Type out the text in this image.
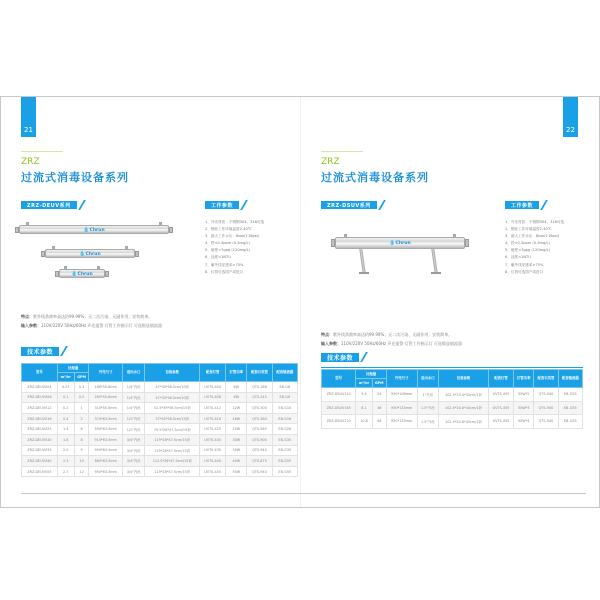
21
ZRZ
过流式消毒设备系列
ZRZ-DEUV系列	工作参数
💧Chrun
💧Chrun
💧Chrun
1、外壳材质：不锈钢304、316可选
2、钢丝工作环境温度2-40℃
3、最大工作水压：8bar(116psi)
4、铁<0.3ppm (0.3mg/L)
5、硬度<7gpg (120mg/L)
6、浊度<1NTU
7、紫外线穿透率>75%
8、灯管可选国产或进口

特点：紫外线杀菌率高达约99.99%；无二次污染、无副作用；安装简单。

输入参数：110V/220V 50Hz/60Hz 声光报警 灯管工作指示灯 可选数显镇流器

技术参数
型号	处理量		外壳尺寸	进出水口	包装参数	配套灯管	灯管功率	配套石英管	配套镇流器
	m³/hr	GPM							
ZRZ-DEUV004	0.07	0.3	186*50.8mm	1/4"内丝	47*30*58.5cm/10套	UVTS-404	6W	QTS-186	EB-G6
ZRZ-DEUV006	0.1	0.5	265*50.8mm	1/4"内丝	47*30*58.5cm/10套	UVTS-406	6W	QTS-245	EB-G6
ZRZ-DEUV012	0.2	1	310*50.8mm	1/4"内丝	52.5*39*58.5cm/15套	UVTS-412	12W	QTS-300	EB-G10
ZRZ-DEUV016	0.4	2	370*63.5mm	1/2"内丝	57*40*58.5cm/15套	UVTS-416	16W	QTS-360	EB-G16
ZRZ-DEUV025	1.4	6	590*63.5mm	1/2"内丝	79.5*28*47.5cm/15套	UVTS-425	25W	QTS-560	EB-G26
ZRZ-DEUV030	1.8	8	910*63.5mm	3/4"内丝	119*28*47.5cm/15套	UVTS-430	30W	QTS-900	EB-G35
ZRZ-DEUV035	2.0	9	950*63.5mm	3/4"内丝	119*28*47.5cm/15套	UVTS-435	35W	QTS-940	EB-G35
ZRZ-DEUV040	2.3	10	885*63.5mm	3/4"内丝	112.5*28*47.5cm/15套	UVTS-440	40W	QTS-875	EB-G55
ZRZ-DEUV055	2.7	12	950*63.5mm	3/4"内丝	119*28*47.5cm/15套	UVTS-455	55W	QTS-940	EB-G55
22
ZRZ
过流式消毒设备系列
ZRZ-DSUV系列	工作参数
💧Chrun
1、外壳材质：不锈钢304、316可选
2、钢丝工作环境温度2-40℃
3、最大工作水压：8bar(116psi)
4、铁<0.3ppm (0.3mg/L)
5、硬度<7gpg (120mg/L)
6、浊度<1NTU
7、紫外线穿透率>75%
8、灯管可选国产或进口

特点：紫外线杀菌率高达约99.99%；无二次污染、无副作用；安装简单。

输入参数：110V/220V 50Hz/60Hz 声光报警 灯管工作指示灯 可选数显镇流器

技术参数
型号	处理量		外壳尺寸	进出水口	包装参数	配套灯管	灯管功率	配套石英管	配套镇流器
	m³/hr	GPM							
ZRZ-DSUV110	5.4	24	950*108mm	1"外丝	102.5*23.4*43cm/1套	UVTS-455	55W*2	QTS-940	EB-G55
ZRZ-DSUV165	8.1	36	950*133mm	1.5"外丝	102.5*24.8*45cm/1套	UVTS-455	55W*3	QTS-940	EB-G55
ZRZ-DSUV220	10.8	48	950*133mm	1.5"外丝	102.5*24.8*45cm/1套	UVTS-455	55W*4	QTS-940	EB-G55
